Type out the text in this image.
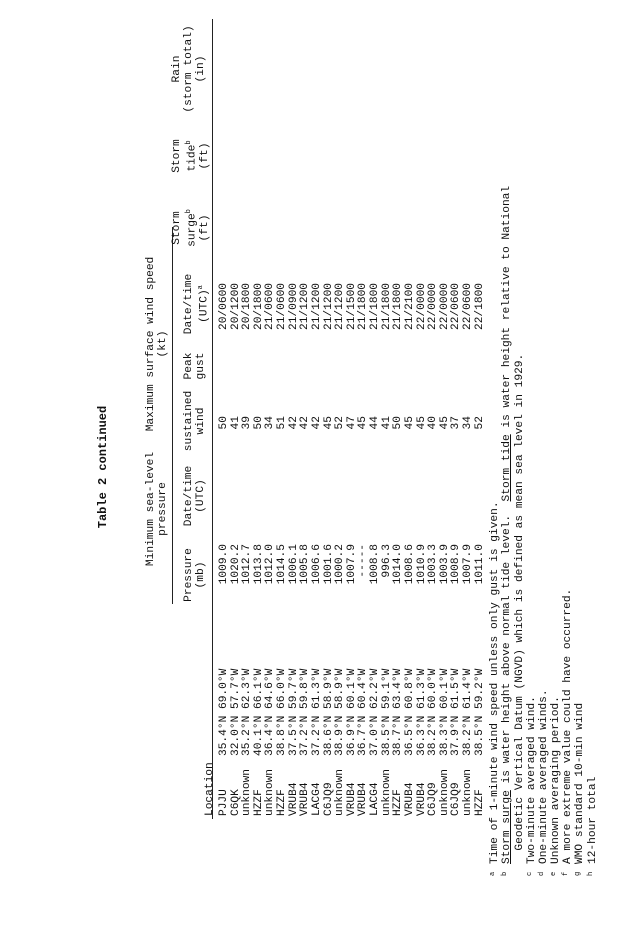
Table 2 continued
Minimum sea-level
pressure
Maximum surface wind speed
(kt)
Location
Pressure
(mb)
Date/time
(UTC)
sustained
wind
Peak
gust
Date/time
(UTC)$^a$
Storm
surge$^b$
(ft)
Storm
tide$^b$
(ft)
Rain
(storm total)
(in)
PJJU
35.4°N 69.0°W
1009.0
50
20/0600
C6QK
32.0°N 57.7°W
1020.2
41
20/1200
unknown
35.2°N 62.3°W
1012.7
39
20/1800
HZZF
40.1°N 66.1°W
1013.8
50
20/1800
unknown
36.4°N 64.6°W
1012.0
34
21/0600
HZZF
38.8°N 66.0°W
1014.5
51
21/0600
VRUB4
37.5°N 59.7°W
1006.1
42
21/0900
VRUB4
37.2°N 59.8°W
1005.8
42
21/1200
LACG4
37.2°N 61.3°W
1006.6
42
21/1200
C6JQ9
38.6°N 58.9°W
1001.6
45
21/1200
unknown
38.9°N 58.9°W
1000.2
52
21/1200
VRUB4
36.9°N 60.1°W
1007.9
47
21/1500
VRUB4
36.7°N 60.4°W
-----
45
21/1800
LACG4
37.0°N 62.2°W
1008.8
44
21/1800
unknown
38.5°N 59.1°W
996.3
41
21/1800
HZZF
38.7°N 63.4°W
1014.0
50
21/1800
VRUB4
36.5°N 60.8°W
1008.6
45
21/2100
VRUB4
36.3°N 61.3°W
1010.9
45
22/0000
C6JQ9
38.2°N 60.0°W
1003.3
40
22/0000
unknown
38.3°N 60.1°W
1003.9
45
22/0000
C6JQ9
37.9°N 61.5°W
1008.9
37
22/0600
unknown
38.2°N 61.4°W
1007.9
34
22/0600
HZZF
38.5°N 59.2°W
1011.0
52
22/1800
a
Time of 1-minute wind speed unless only gust is given.
b
Storm surge is water height above normal tide level.  Storm tide is water height relative to National
Geodetic Vertical Datum (NGVD) which is defined as mean sea level in 1929.
c
Two-minute averaged wind.
d
One-minute averaged winds.
e
Unknown averaging period.
f
A more extreme value could have occurred.
g
WMO standard 10-min wind
h
12-hour total
